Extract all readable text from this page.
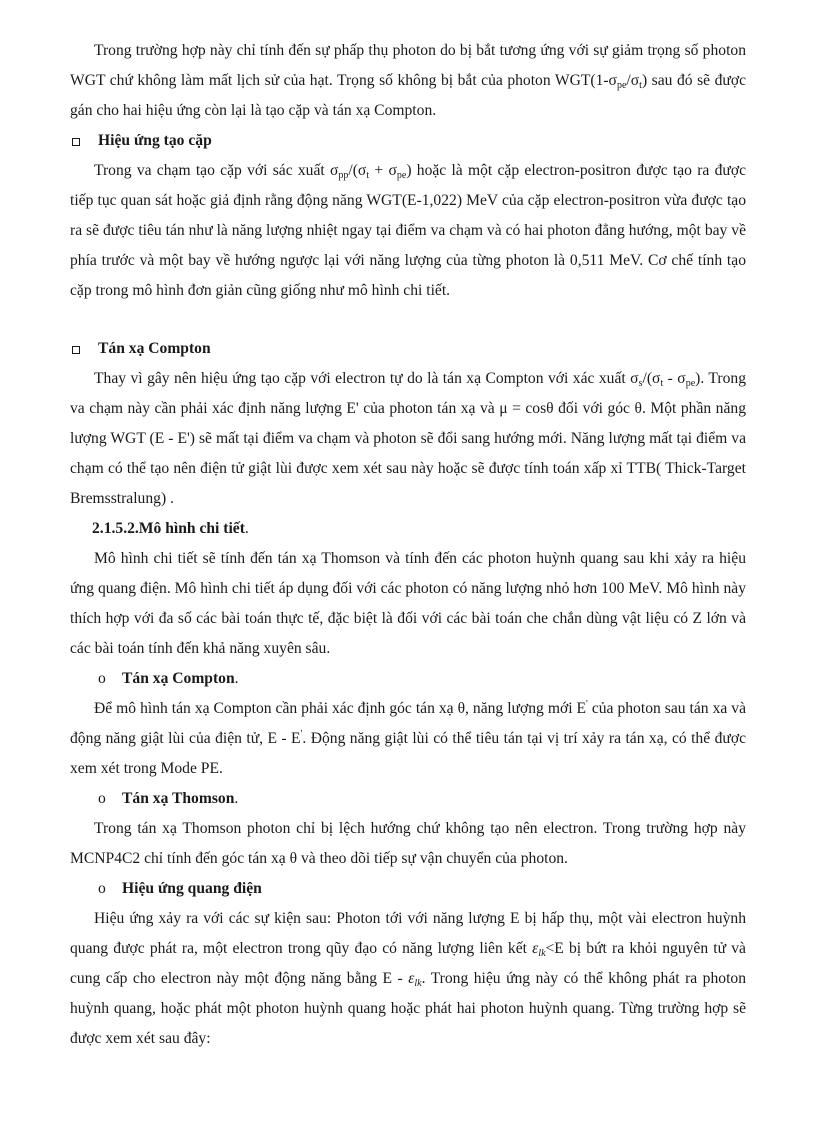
Trong trường hợp này chỉ tính đến sự phấp thụ photon do bị bắt tương ứng với sự giảm trọng số photon WGT chứ không làm mất lịch sử của hạt. Trọng số không bị bắt của photon $WGT(1-\sigma_{pe}/\sigma_t)$ sau đó sẽ được gán cho hai hiệu ứng còn lại là tạo cặp và tán xạ Compton.

Hiệu ứng tạo cặp

Trong va chạm tạo cặp với sác xuất $\sigma_{pp}/(\sigma_t + \sigma_{pe})$ hoặc là một cặp electron-positron được tạo ra được tiếp tục quan sát hoặc giả định rằng động năng WGT(E-1,022) MeV của cặp electron-positron vừa được tạo ra sẽ được tiêu tán như là năng lượng nhiệt ngay tại điểm va chạm và có hai photon đẳng hướng, một bay về phía trước và một bay về hướng ngược lại với năng lượng của từng photon là 0,511 MeV. Cơ chế tính tạo cặp trong mô hình đơn giản cũng giống như mô hình chi tiết.

Tán xạ Compton

Thay vì gây nên hiệu ứng tạo cặp với electron tự do là tán xạ Compton với xác xuất $\sigma_s/(\sigma_t - \sigma_{pe})$. Trong va chạm này cần phải xác định năng lượng E' của photon tán xạ và μ = cosθ đối với góc θ. Một phần năng lượng WGT (E - E') sẽ mất tại điểm va chạm và photon sẽ đổi sang hướng mới. Năng lượng mất tại điểm va chạm có thể tạo nên điện tử giật lùi được xem xét sau này hoặc sẽ được tính toán xấp xỉ TTB( Thick-Target Bremsstralung) .

2.1.5.2.Mô hình chi tiết.

Mô hình chi tiết sẽ tính đến tán xạ Thomson và tính đến các photon huỳnh quang sau khi xảy ra hiệu ứng quang điện. Mô hình chi tiết áp dụng đối với các photon có năng lượng nhỏ hơn 100 MeV. Mô hình này thích hợp với đa số các bài toán thực tế, đặc biệt là đối với các bài toán che chắn dùng vật liệu có Z lớn và các bài toán tính đến khả năng xuyên sâu.

o Tán xạ Compton.

Để mô hình tán xạ Compton cần phải xác định góc tán xạ θ, năng lượng mới E' của photon sau tán xa và động năng giật lùi của điện tử, E - E'. Động năng giật lùi có thể tiêu tán tại vị trí xảy ra tán xạ, có thể được xem xét trong Mode PE.

o Tán xạ Thomson.

Trong tán xạ Thomson photon chỉ bị lệch hướng chứ không tạo nên electron. Trong trường hợp này MCNP4C2 chỉ tính đến góc tán xạ θ và theo dõi tiếp sự vận chuyển của photon.

o Hiệu ứng quang điện

Hiệu ứng xảy ra với các sự kiện sau: Photon tới với năng lượng E bị hấp thụ, một vài electron huỳnh quang được phát ra, một electron trong qũy đạo có năng lượng liên kết $\varepsilon_{lk}<E$ bị bứt ra khỏi nguyên tử và cung cấp cho electron này một động năng bằng E - $\varepsilon_{lk}$. Trong hiệu ứng này có thể không phát ra photon huỳnh quang, hoặc phát một photon huỳnh quang hoặc phát hai photon huỳnh quang. Từng trường hợp sẽ được xem xét sau đây:
